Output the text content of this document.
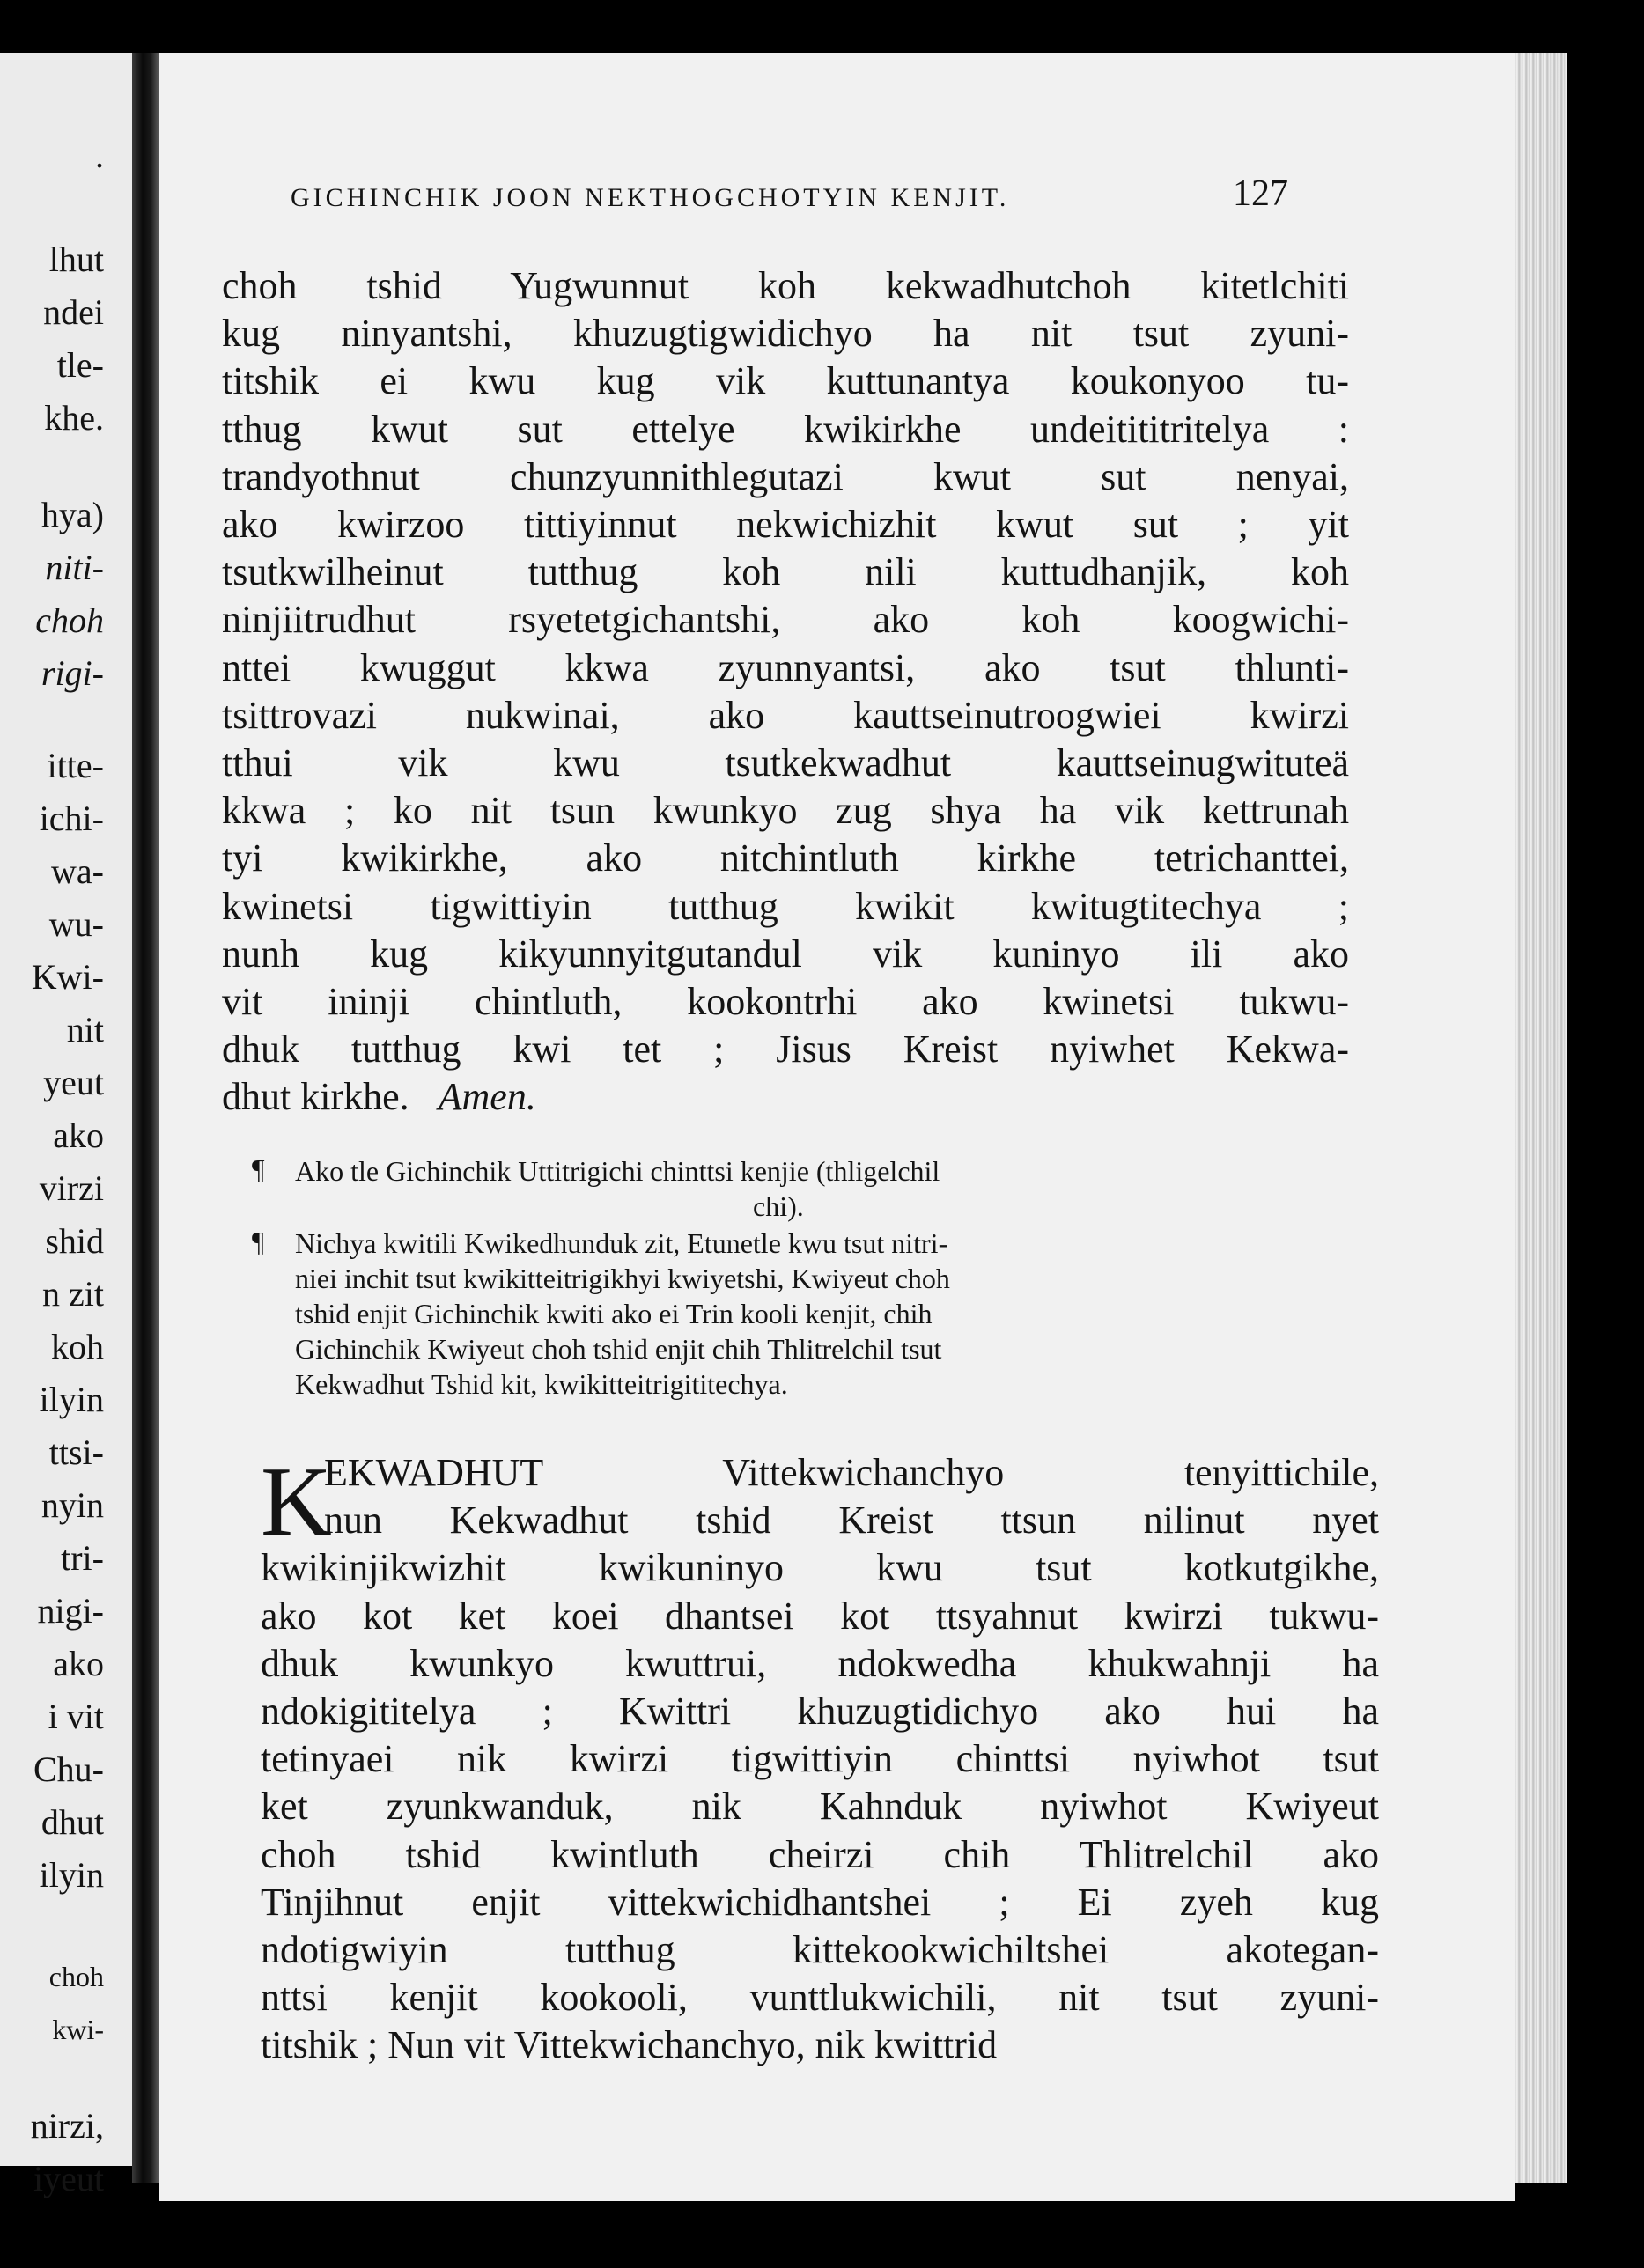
.
lhut
ndei
tle-
khe.
hya)
niti-
choh
rigi-
itte-
ichi-
wa-
wu-
Kwi-
nit
yeut
ako
virzi
shid
n zit
koh
ilyin
ttsi-
nyin
tri-
nigi-
ako
i vit
Chu-
dhut
ilyin
choh
kwi-
nirzi,
iyeut
GICHINCHIK JOON NEKTHOGCHOTYIN KENJIT.	127
choh tshid Yugwunnut koh kekwadhutchoh kitetlchiti
kug ninyantshi, khuzugtigwidichyo ha nit tsut zyuni-
titshik ei kwu kug vik kuttunantya koukonyoo tu-
tthug kwut sut ettelye kwikirkhe undeitititritelya :
trandyothnut chunzyunnithlegutazi kwut sut nenyai,
ako kwirzoo tittiyinnut nekwichizhit kwut sut ; yit
tsutkwilheinut tutthug koh nili kuttudhanjik, koh
ninjiitrudhut rsyetetgichantshi, ako koh koogwichi-
nttei kwuggut kkwa zyunnyantsi, ako tsut thlunti-
tsittrovazi nukwinai, ako kauttseinutroogwiei kwirzi
tthui vik kwu tsutkekwadhut kauttseinugwituteä
kkwa ; ko nit tsun kwunkyo zug shya ha vik kettrunah
tyi kwikirkhe, ako nitchintluth kirkhe tetrichanttei,
kwinetsi tigwittiyin tutthug kwikit kwitugtitechya ;
nunh kug kikyunnyitgutandul vik kuninyo ili ako
vit ininji chintluth, kookontrhi ako kwinetsi tukwu-
dhuk tutthug kwi tet ; Jisus Kreist nyiwhet Kekwa-
dhut kirkhe. Amen.
¶ Ako tle Gichinchik Uttitrigichi chinttsi kenjie (thligelchil
chi).
¶ Nichya kwitili Kwikedhunduk zit, Etunetle kwu tsut nitri-
niei inchit tsut kwikitteitrigikhyi kwiyetshi, Kwiyeut choh
tshid enjit Gichinchik kwiti ako ei Trin kooli kenjit, chih
Gichinchik Kwiyeut choh tshid enjit chih Thlitrelchil tsut
Kekwadhut Tshid kit, kwikitteitrigititechya.
K
EKWADHUT Vittekwichanchyo tenyittichile,
nun Kekwadhut tshid Kreist ttsun nilinut nyet
kwikinjikwizhit kwikuninyo kwu tsut kotkutgikhe,
ako kot ket koei dhantsei kot ttsyahnut kwirzi tukwu-
dhuk kwunkyo kwuttrui, ndokwedha khukwahnji ha
ndokigititelya ; Kwittri khuzugtidichyo ako hui ha
tetinyaei nik kwirzi tigwittiyin chinttsi nyiwhot tsut
ket zyunkwanduk, nik Kahnduk nyiwhot Kwiyeut
choh tshid kwintluth cheirzi chih Thlitrelchil ako
Tinjihnut enjit vittekwichidhantshei ; Ei zyeh kug
ndotigwiyin tutthug kittekookwichiltshei akotegan-
nttsi kenjit kookooli, vunttlukwichili, nit tsut zyuni-
titshik ; Nun vit Vittekwichanchyo, nik kwittrid
